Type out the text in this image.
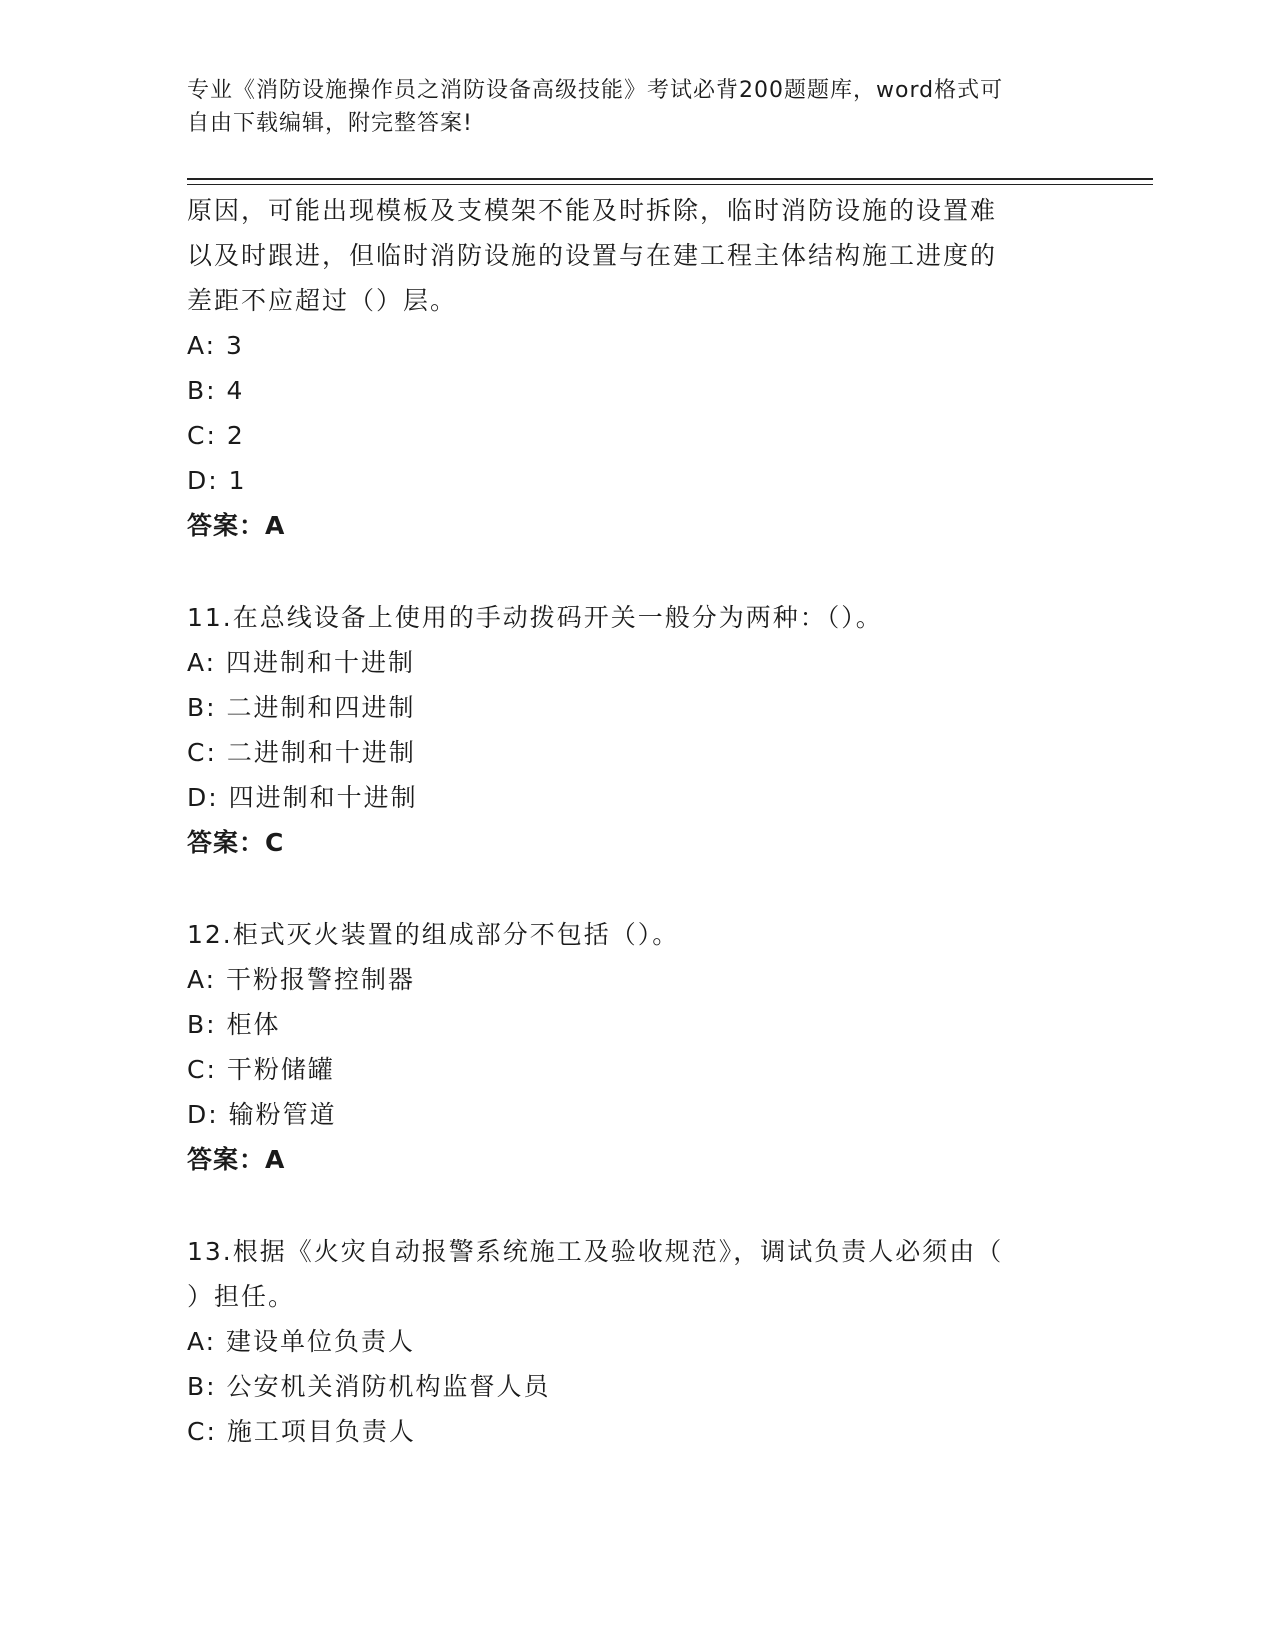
专业《消防设施操作员之消防设备高级技能》考试必背200题题库，word格式可
自由下载编辑，附完整答案!
原因，可能出现模板及支模架不能及时拆除，临时消防设施的设置难
以及时跟进，但临时消防设施的设置与在建工程主体结构施工进度的
差距不应超过（）层。
A: 3
B: 4
C: 2
D: 1
答案：A
11.在总线设备上使用的手动拨码开关一般分为两种：（）。
A: 四进制和十进制
B: 二进制和四进制
C: 二进制和十进制
D: 四进制和十进制
答案：C
12.柜式灭火装置的组成部分不包括（）。
A: 干粉报警控制器
B: 柜体
C: 干粉储罐
D: 输粉管道
答案：A
13.根据《火灾自动报警系统施工及验收规范》，调试负责人必须由（
）担任。
A: 建设单位负责人
B: 公安机关消防机构监督人员
C: 施工项目负责人
